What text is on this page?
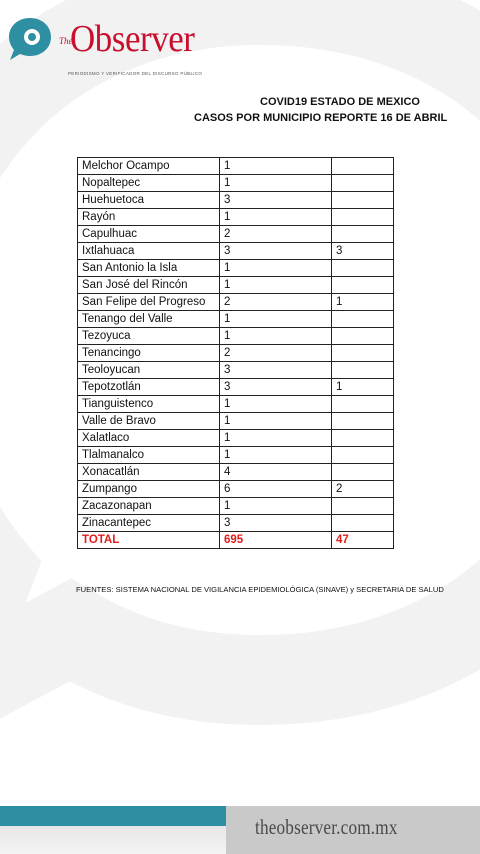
The
Observer
PERIODISMO Y VERIFICADOR DEL DISCURSO PÚBLICO
COVID19 ESTADO DE MEXICO
CASOS POR MUNICIPIO REPORTE 16 DE ABRIL
Melchor Ocampo	1	
Nopaltepec	1	
Huehuetoca	3	
Rayón	1	
Capulhuac	2	
Ixtlahuaca	3	3
San Antonio la Isla	1	
San José del Rincón	1	
San Felipe del Progreso	2	1
Tenango del Valle	1	
Tezoyuca	1	
Tenancingo	2	
Teoloyucan	3	
Tepotzotlán	3	1
Tianguistenco	1	
Valle de Bravo	1	
Xalatlaco	1	
Tlalmanalco	1	
Xonacatlán	4	
Zumpango	6	2
Zacazonapan	1	
Zinacantepec	3	
TOTAL	695	47
FUENTES: SISTEMA NACIONAL DE VIGILANCIA EPIDEMIOLÓGICA (SINAVE) y SECRETARIA DE SALUD
theobserver.com.mx
